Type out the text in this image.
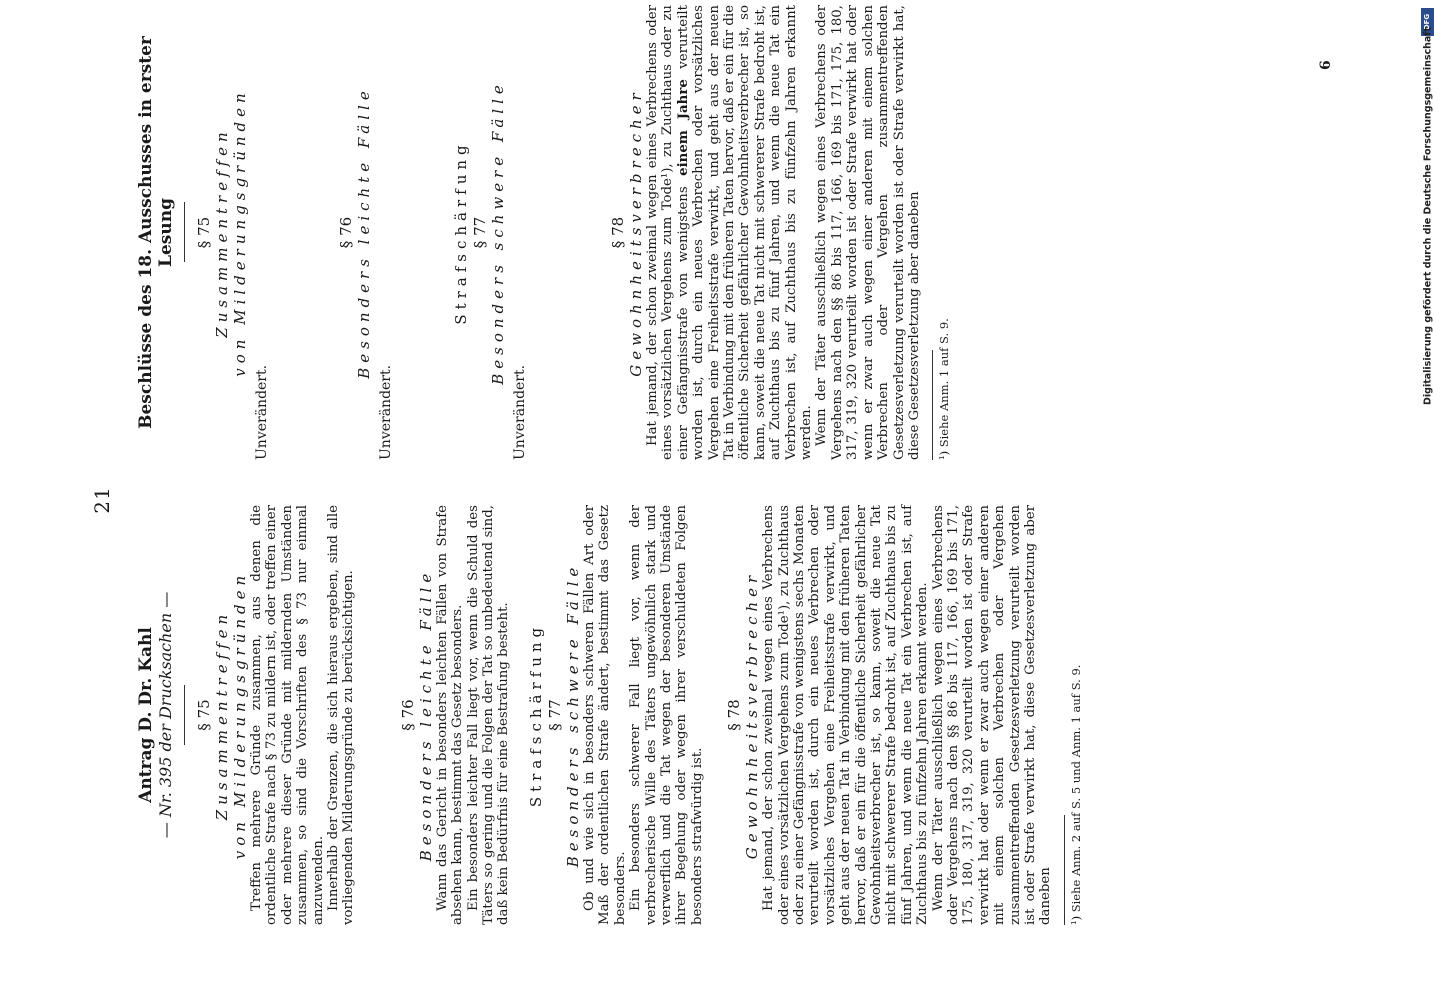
21
Antrag D. Dr. Kahl — Nr. 395 der Drucksachen — § 75 Zusammentreffen
von Milderungsgründen Treffen mehrere Gründe zusammen, aus denen die ordentliche Strafe nach § 73 zu mildern ist, oder treffen einer oder mehrere dieser Gründe mit mildernden Umständen zusammen, so sind die Vorschriften des § 73 nur einmal anzuwenden. Innerhalb der Grenzen, die sich hieraus ergeben, sind alle vorliegenden Milderungsgründe zu berücksichtigen.	§ 76 Besonders leichte Fälle Wann das Gericht in besonders leichten Fällen von Strafe absehen kann, bestimmt das Gesetz besonders. Ein besonders leichter Fall liegt vor, wenn die Schuld des Täters so gering und die Folgen der Tat so unbedeutend sind, daß kein Bedürfnis für eine Bestrafung besteht. Strafschärfung § 77 Besonders schwere Fälle Ob und wie sich in besonders schweren Fällen Art oder Maß der ordentlichen Strafe ändert, bestimmt das Gesetz besonders. Ein besonders schwerer Fall liegt vor, wenn der verbrecherische Wille des Täters ungewöhnlich stark und verwerflich und die Tat wegen der besonderen Umstände ihrer Begehung oder wegen ihrer verschuldeten Folgen besonders strafwürdig ist.

§ 78 Gewohnheitsverbrecher Hat jemand, der schon zweimal wegen eines Verbrechens oder eines vorsätzlichen Vergehens zum Tode¹), zu Zuchthaus oder zu einer Gefängnisstrafe von wenigstens sechs Monaten verurteilt worden ist, durch ein neues Verbrechen oder vorsätzliches Vergehen eine Freiheitsstrafe verwirkt, und geht aus der neuen Tat in Verbindung mit den früheren Taten hervor, daß er ein für die öffentliche Sicherheit gefährlicher Gewohnheitsverbrecher ist, so kann, soweit die neue Tat nicht mit schwererer Strafe bedroht ist, auf Zuchthaus bis zu fünf Jahren, und wenn die neue Tat ein Verbrechen ist, auf Zuchthaus bis zu fünfzehn Jahren erkannt werden. Wenn der Täter ausschließlich wegen eines Verbrechens oder Vergehens nach den §§ 86 bis 117, 166, 169 bis 171, 175, 180, 317, 319, 320 verurteilt worden ist oder Strafe verwirkt hat oder wenn er zwar auch wegen einer anderen mit einem solchen Verbrechen oder Vergehen zusammentreffenden Gesetzesverletzung verurteilt worden ist oder Strafe verwirkt hat, diese Gesetzesverletzung aber daneben ¹) Siehe Anm. 2 auf S. 5 und Anm. 1 auf S. 9.
Beschlüsse des 18. Ausschusses in erster Lesung § 75 Zusammentreffen
von Milderungsgründen
Unverändert.
§ 76 Besonders leichte Fälle
Unverändert.
Strafschärfung § 77 Besonders schwere Fälle
Unverändert.
§ 78 Gewohnheitsverbrecher Hat jemand, der schon zweimal wegen eines Verbrechens oder eines vorsätzlichen Vergehens zum Tode¹), zu Zuchthaus oder zu einer Gefängnisstrafe von wenigstens einem Jahre verurteilt worden ist, durch ein neues Verbrechen oder vorsätzliches Vergehen eine Freiheitsstrafe verwirkt, und geht aus der neuen Tat in Verbindung mit den früheren Taten hervor, daß er ein für die öffentliche Sicherheit gefährlicher Gewohnheitsverbrecher ist, so kann, soweit die neue Tat nicht mit schwererer Strafe bedroht ist, auf Zuchthaus bis zu fünf Jahren, und wenn die neue Tat ein Verbrechen ist, auf Zuchthaus bis zu fünfzehn Jahren erkannt werden. Wenn der Täter ausschließlich wegen eines Verbrechens oder Vergehens nach den §§ 86 bis 117, 166, 169 bis 171, 175, 180, 317, 319, 320 verurteilt worden ist oder Strafe verwirkt hat oder wenn er zwar auch wegen einer anderen mit einem solchen Verbrechen oder Vergehen zusammentreffenden Gesetzesverletzung verurteilt worden ist oder Strafe verwirkt hat, diese Gesetzesverletzung aber daneben ¹) Siehe Anm. 1 auf S. 9.
6
DFG
Digitalisierung gefördert durch die Deutsche Forschungsgemeinschaft
